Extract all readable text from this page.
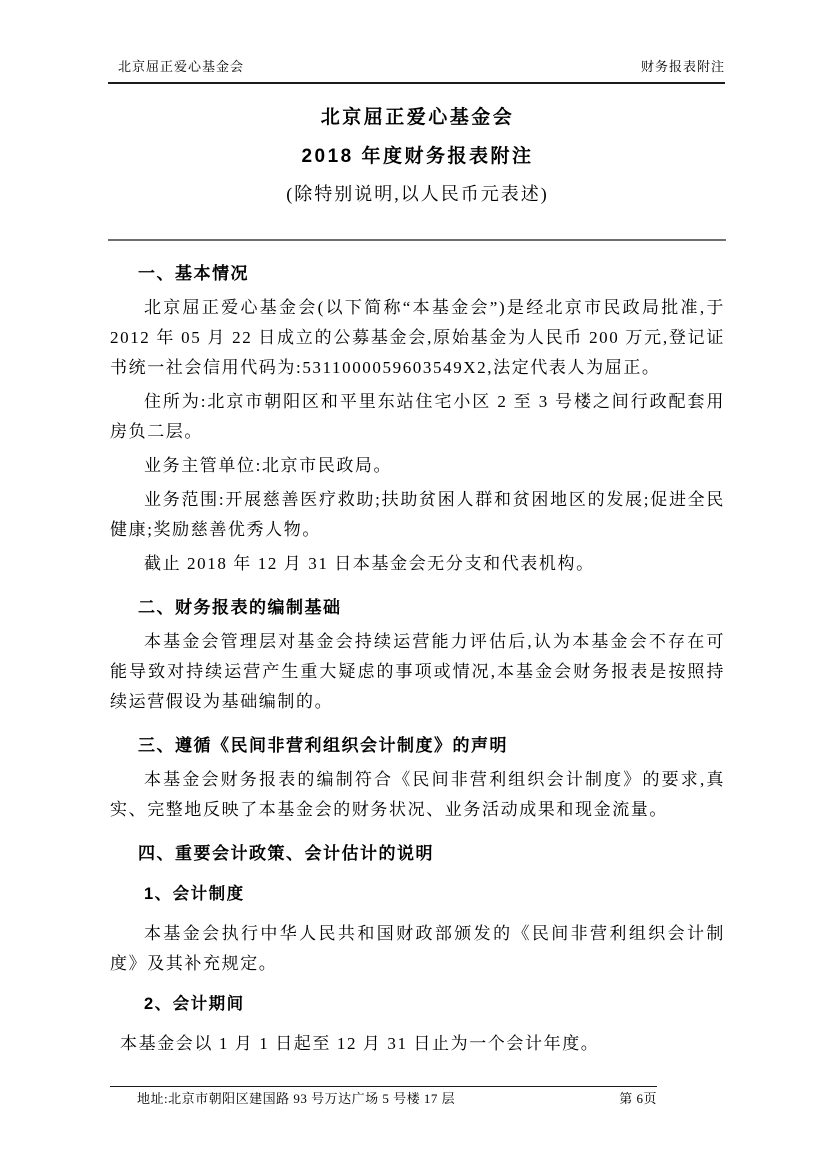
北京屈正爱心基金会	财务报表附注
北京屈正爱心基金会
2018 年度财务报表附注
(除特别说明,以人民币元表述)
一、基本情况

北京屈正爱心基金会(以下简称“本基金会”)是经北京市民政局批准,于 2012 年 05 月 22 日成立的公募基金会,原始基金为人民币 200 万元,登记证书统一社会信用代码为:5311000059603549X2,法定代表人为屈正。

住所为:北京市朝阳区和平里东站住宅小区 2 至 3 号楼之间行政配套用房负二层。

业务主管单位:北京市民政局。

业务范围:开展慈善医疗救助;扶助贫困人群和贫困地区的发展;促进全民健康;奖励慈善优秀人物。

截止 2018 年 12 月 31 日本基金会无分支和代表机构。

二、财务报表的编制基础

本基金会管理层对基金会持续运营能力评估后,认为本基金会不存在可能导致对持续运营产生重大疑虑的事项或情况,本基金会财务报表是按照持续运营假设为基础编制的。

三、遵循《民间非营利组织会计制度》的声明

本基金会财务报表的编制符合《民间非营利组织会计制度》的要求,真实、完整地反映了本基金会的财务状况、业务活动成果和现金流量。

四、重要会计政策、会计估计的说明
1、会计制度

本基金会执行中华人民共和国财政部颁发的《民间非营利组织会计制度》及其补充规定。

2、会计期间

本基金会以 1 月 1 日起至 12 月 31 日止为一个会计年度。

地址:北京市朝阳区建国路 93 号万达广场 5 号楼 17 层	第 6页
